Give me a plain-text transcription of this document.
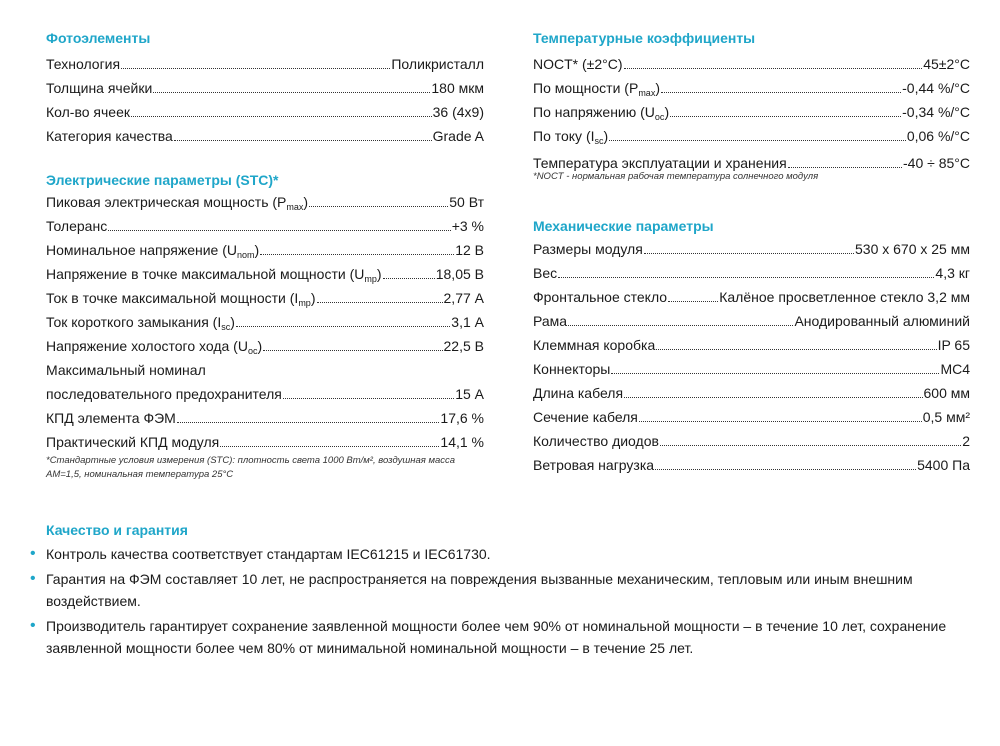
Фотоэлементы
Технология	Поликристалл
Толщина ячейки	180 мкм
Кол-во ячеек	36 (4x9)
Категория качества	Grade A
Электрические параметры (STC)*
Пиковая электрическая мощность $(P_{max})$	50 Вт
Толеранс	+3 %
Номинальное напряжение $(U_{nom})$	12 В
Напряжение в точке максимальной мощности $(U_{mp})$	18,05 В
Ток в точке максимальной мощности $(I_{mp})$	2,77 А
Ток короткого замыкания $(I_{sc})$	3,1 А
Напряжение холостого хода $(U_{oc})$	22,5 В
Максимальный номинал
последовательного предохранителя	15 А
КПД элемента ФЭМ	17,6 %
Практический КПД модуля	14,1 %
*Стандартные условия измерения (STC): плотность света 1000 Вт/м², воздушная масса АМ=1,5, номинальная температура 25°С
Температурные коэффициенты
NOCT* (±2°C)	45±2°C
По мощности $(P_{max})$	-0,44 %/°C
По напряжению $(U_{oc})$	-0,34 %/°C
По току $(I_{sc})$	0,06 %/°C
Температура эксплуатации и хранения	-40 ÷ 85°C
*NOCT - нормальная рабочая температура солнечного модуля
Механические параметры
Размеры модуля	530 x 670 x 25 мм
Вес	4,3 кг
Фронтальное стекло	Калёное просветленное стекло 3,2 мм
Рама	Анодированный алюминий
Клеммная коробка	IP 65
Коннекторы	MC4
Длина кабеля	600 мм
Сечение кабеля	0,5 мм²
Количество диодов	2
Ветровая нагрузка	5400 Па
Качество и гарантия
• Контроль качества соответствует стандартам IEC61215 и IEC61730.
• Гарантия на ФЭМ составляет 10 лет, не распространяется на повреждения вызванные механическим, тепловым или иным внешним воздействием.
• Производитель гарантирует сохранение заявленной мощности более чем 90% от номинальной мощности – в течение 10 лет, сохранение заявленной мощности более чем 80% от минимальной номинальной мощности – в течение 25 лет.
